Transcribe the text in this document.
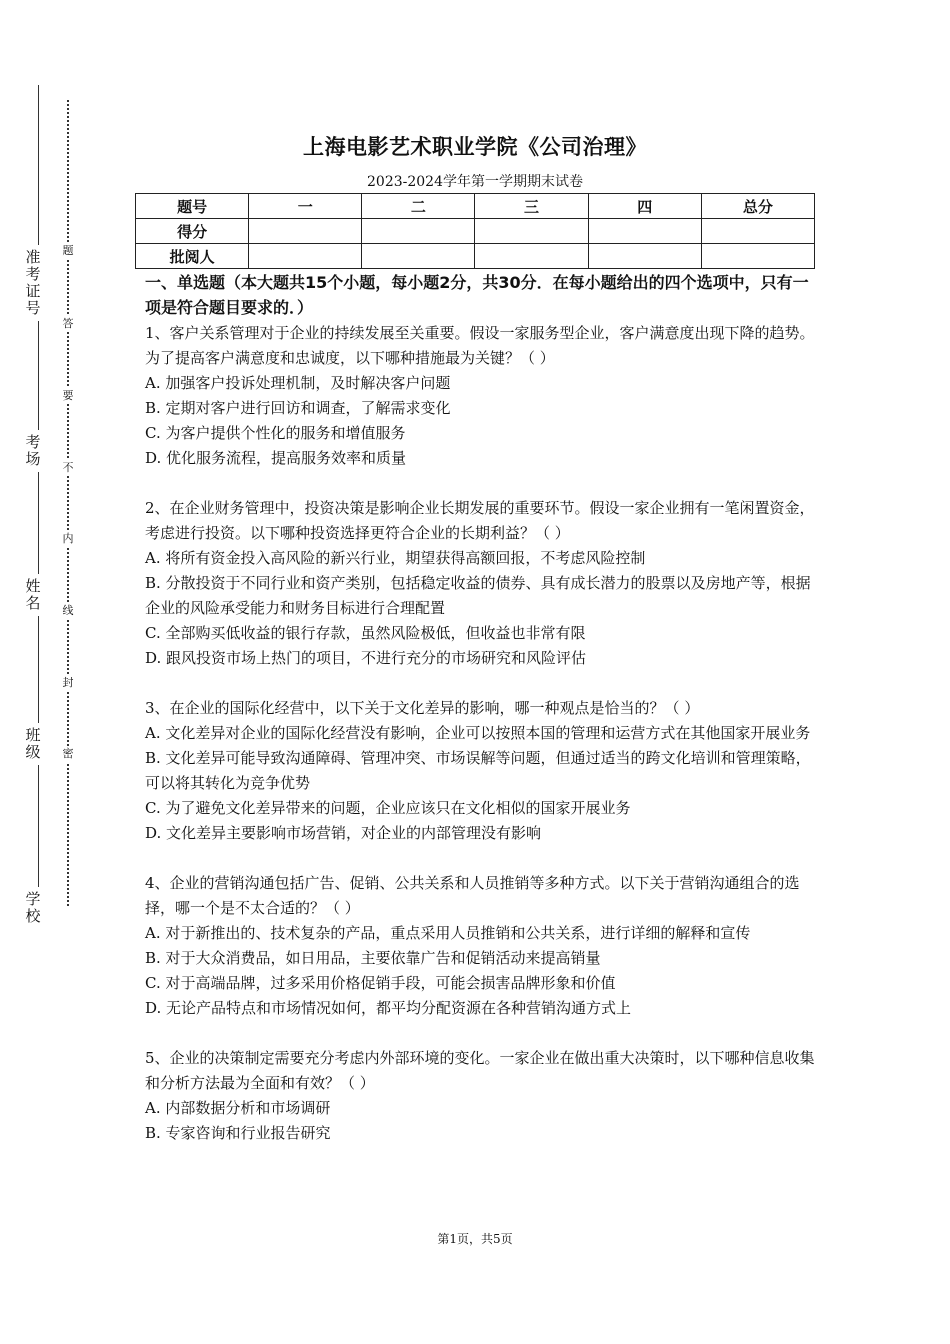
准考证号
考场
姓名
班级
学校
题
答
要
不
内
线
封
密
上海电影艺术职业学院《公司治理》
2023-2024学年第一学期期末试卷
题号	一	二	三	四	总分
得分					
批阅人					
一、单选题（本大题共15个小题，每小题2分，共30分．在每小题给出的四个选项中，只有一项是符合题目要求的．）

1、客户关系管理对于企业的持续发展至关重要。假设一家服务型企业，客户满意度出现下降的趋势。为了提高客户满意度和忠诚度，以下哪种措施最为关键？（ ）

A. 加强客户投诉处理机制，及时解决客户问题

B. 定期对客户进行回访和调查，了解需求变化

C. 为客户提供个性化的服务和增值服务

D. 优化服务流程，提高服务效率和质量

2、在企业财务管理中，投资决策是影响企业长期发展的重要环节。假设一家企业拥有一笔闲置资金，考虑进行投资。以下哪种投资选择更符合企业的长期利益？（ ）

A. 将所有资金投入高风险的新兴行业，期望获得高额回报，不考虑风险控制

B. 分散投资于不同行业和资产类别，包括稳定收益的债券、具有成长潜力的股票以及房地产等，根据企业的风险承受能力和财务目标进行合理配置

C. 全部购买低收益的银行存款，虽然风险极低，但收益也非常有限

D. 跟风投资市场上热门的项目，不进行充分的市场研究和风险评估

3、在企业的国际化经营中，以下关于文化差异的影响，哪一种观点是恰当的？（ ）

A. 文化差异对企业的国际化经营没有影响，企业可以按照本国的管理和运营方式在其他国家开展业务

B. 文化差异可能导致沟通障碍、管理冲突、市场误解等问题，但通过适当的跨文化培训和管理策略，可以将其转化为竞争优势

C. 为了避免文化差异带来的问题，企业应该只在文化相似的国家开展业务

D. 文化差异主要影响市场营销，对企业的内部管理没有影响

4、企业的营销沟通包括广告、促销、公共关系和人员推销等多种方式。以下关于营销沟通组合的选择，哪一个是不太合适的？（ ）

A. 对于新推出的、技术复杂的产品，重点采用人员推销和公共关系，进行详细的解释和宣传

B. 对于大众消费品，如日用品，主要依靠广告和促销活动来提高销量

C. 对于高端品牌，过多采用价格促销手段，可能会损害品牌形象和价值

D. 无论产品特点和市场情况如何，都平均分配资源在各种营销沟通方式上

5、企业的决策制定需要充分考虑内外部环境的变化。一家企业在做出重大决策时，以下哪种信息收集和分析方法最为全面和有效？（ ）

A. 内部数据分析和市场调研

B. 专家咨询和行业报告研究

第1页，共5页
